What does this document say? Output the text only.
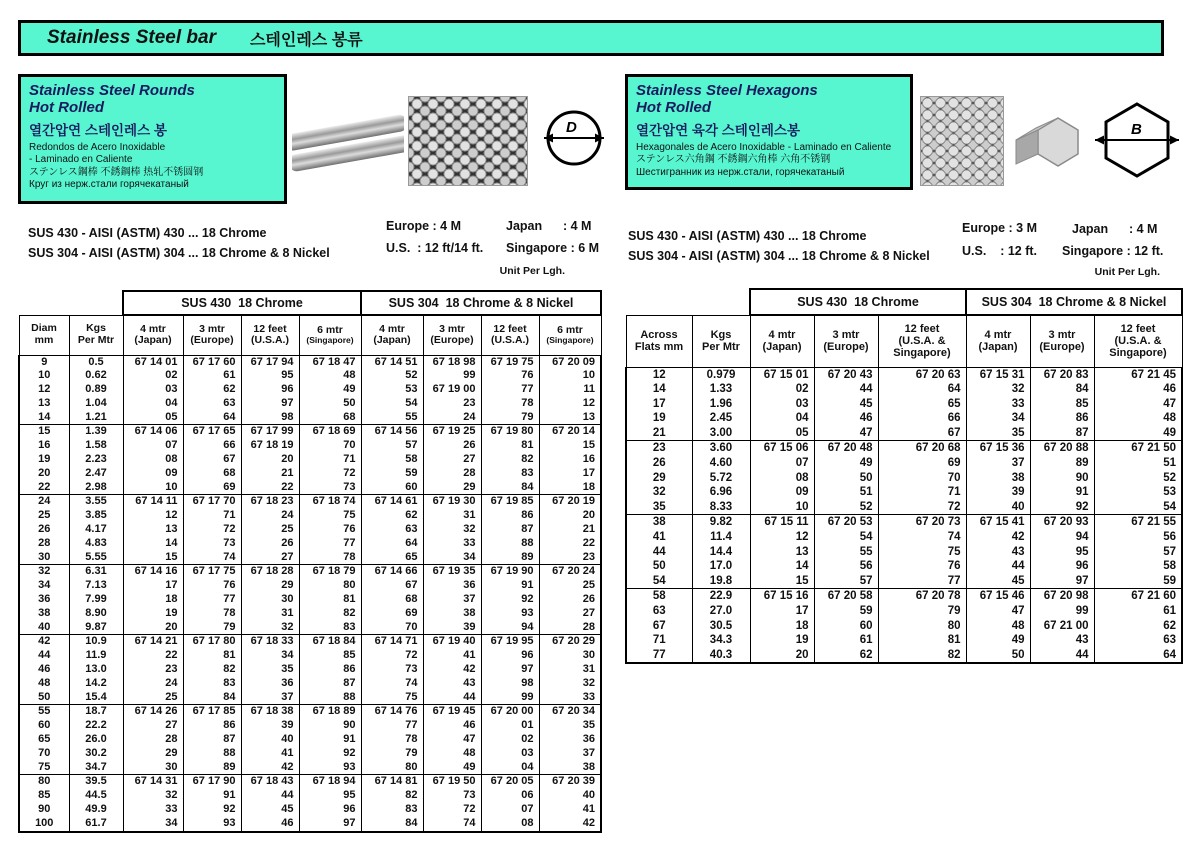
Stainless Steel bar 스테인레스 봉류
Stainless Steel Rounds
Hot Rolled
열간압연 스테인레스 봉
Redondos de Acero Inoxidable
- Laminado en Caliente
ステンレス鋼棒 不銹鋼棒 热轧不锈圆钢
Круг из нерж.стали горячекатаный
D
SUS 430 - AISI (ASTM) 430 ... 18 Chrome
SUS 304 - AISI (ASTM) 304 ... 18 Chrome & 8 Nickel
Europe : 4 M	Japan      : 4 M
U.S.  : 12 ft/14 ft. Singapore : 6 M
Unit Per Lgh.
Stainless Steel Hexagons
Hot Rolled
열간압연 육각 스테인레스봉
Hexagonales de Acero Inoxidable - Laminado en Caliente
ステンレス六角鋼 不銹鋼六角棒 六角不锈钢
Шестигранник из нерж.стали, горячекатаный
B
SUS 430 - AISI (ASTM) 430 ... 18 Chrome
SUS 304 - AISI (ASTM) 304 ... 18 Chrome & 8 Nickel
Europe : 3 M	Japan      : 4 M
U.S.    : 12 ft. Singapore : 12 ft.
Unit Per Lgh.
		SUS 430  18 Chrome				SUS 304  18 Chrome & 8 Nickel			

Diam
mm	Kgs
Per Mtr	4 mtr
(Japan)	3 mtr
(Europe)	12 feet
(U.S.A.)	6 mtr
(Singapore)	4 mtr
(Japan)	3 mtr
(Europe)	12 feet
(U.S.A.)	6 mtr
(Singapore)

9	0.5	67 14 01	67 17 60	67 17 94	67 18 47	67 14 51	67 18 98	67 19 75	67 20 09
10	0.62	02	61	95	48	52	99	76	10
12	0.89	03	62	96	49	53	67 19 00	77	11
13	1.04	04	63	97	50	54	23	78	12
14	1.21	05	64	98	68	55	24	79	13
15	1.39	67 14 06	67 17 65	67 17 99	67 18 69	67 14 56	67 19 25	67 19 80	67 20 14
16	1.58	07	66	67 18 19	70	57	26	81	15
19	2.23	08	67	20	71	58	27	82	16
20	2.47	09	68	21	72	59	28	83	17
22	2.98	10	69	22	73	60	29	84	18
24	3.55	67 14 11	67 17 70	67 18 23	67 18 74	67 14 61	67 19 30	67 19 85	67 20 19
25	3.85	12	71	24	75	62	31	86	20
26	4.17	13	72	25	76	63	32	87	21
28	4.83	14	73	26	77	64	33	88	22
30	5.55	15	74	27	78	65	34	89	23
32	6.31	67 14 16	67 17 75	67 18 28	67 18 79	67 14 66	67 19 35	67 19 90	67 20 24
34	7.13	17	76	29	80	67	36	91	25
36	7.99	18	77	30	81	68	37	92	26
38	8.90	19	78	31	82	69	38	93	27
40	9.87	20	79	32	83	70	39	94	28
42	10.9	67 14 21	67 17 80	67 18 33	67 18 84	67 14 71	67 19 40	67 19 95	67 20 29
44	11.9	22	81	34	85	72	41	96	30
46	13.0	23	82	35	86	73	42	97	31
48	14.2	24	83	36	87	74	43	98	32
50	15.4	25	84	37	88	75	44	99	33
55	18.7	67 14 26	67 17 85	67 18 38	67 18 89	67 14 76	67 19 45	67 20 00	67 20 34
60	22.2	27	86	39	90	77	46	01	35
65	26.0	28	87	40	91	78	47	02	36
70	30.2	29	88	41	92	79	48	03	37
75	34.7	30	89	42	93	80	49	04	38
80	39.5	67 14 31	67 17 90	67 18 43	67 18 94	67 14 81	67 19 50	67 20 05	67 20 39
85	44.5	32	91	44	95	82	73	06	40
90	49.9	33	92	45	96	83	72	07	41
100	61.7	34	93	46	97	84	74	08	42
		SUS 430  18 Chrome			SUS 304  18 Chrome & 8 Nickel		

Across
Flats mm	Kgs
Per Mtr	4 mtr
(Japan)	3 mtr
(Europe)	12 feet
(U.S.A. &
Singapore)	4 mtr
(Japan)	3 mtr
(Europe)	12 feet
(U.S.A. &
Singapore)

12	0.979	67 15 01	67 20 43	67 20 63	67 15 31	67 20 83	67 21 45
14	1.33	02	44	64	32	84	46
17	1.96	03	45	65	33	85	47
19	2.45	04	46	66	34	86	48
21	3.00	05	47	67	35	87	49
23	3.60	67 15 06	67 20 48	67 20 68	67 15 36	67 20 88	67 21 50
26	4.60	07	49	69	37	89	51
29	5.72	08	50	70	38	90	52
32	6.96	09	51	71	39	91	53
35	8.33	10	52	72	40	92	54
38	9.82	67 15 11	67 20 53	67 20 73	67 15 41	67 20 93	67 21 55
41	11.4	12	54	74	42	94	56
44	14.4	13	55	75	43	95	57
50	17.0	14	56	76	44	96	58
54	19.8	15	57	77	45	97	59
58	22.9	67 15 16	67 20 58	67 20 78	67 15 46	67 20 98	67 21 60
63	27.0	17	59	79	47	99	61
67	30.5	18	60	80	48	67 21 00	62
71	34.3	19	61	81	49	43	63
77	40.3	20	62	82	50	44	64
